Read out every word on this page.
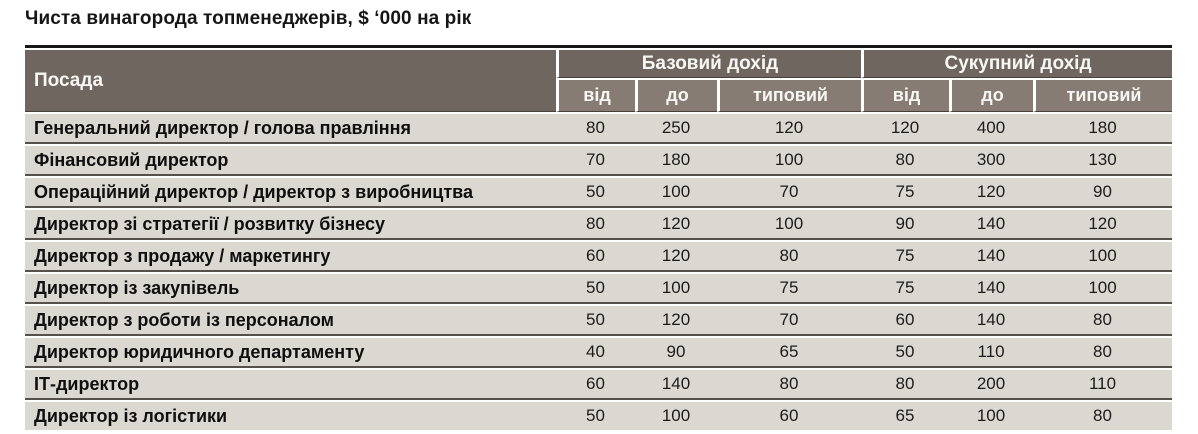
Чиста винагорода топменеджерів, $ ‘000 на рік
Посада	Базовий дохід			Сукупний дохід		
	від	до	типовий	від	до	типовий
Генеральний директор / голова правління	80	250	120	120	400	180
Фінансовий директор	70	180	100	80	300	130
Операційний директор / директор з виробництва	50	100	70	75	120	90
Директор зі стратегії / розвитку бізнесу	80	120	100	90	140	120
Директор з продажу / маркетингу	60	120	80	75	140	100
Директор із закупівель	50	100	75	75	140	100
Директор з роботи із персоналом	50	120	70	60	140	80
Директор юридичного департаменту	40	90	65	50	110	80
ІТ-директор	60	140	80	80	200	110
Директор із логістики	50	100	60	65	100	80
